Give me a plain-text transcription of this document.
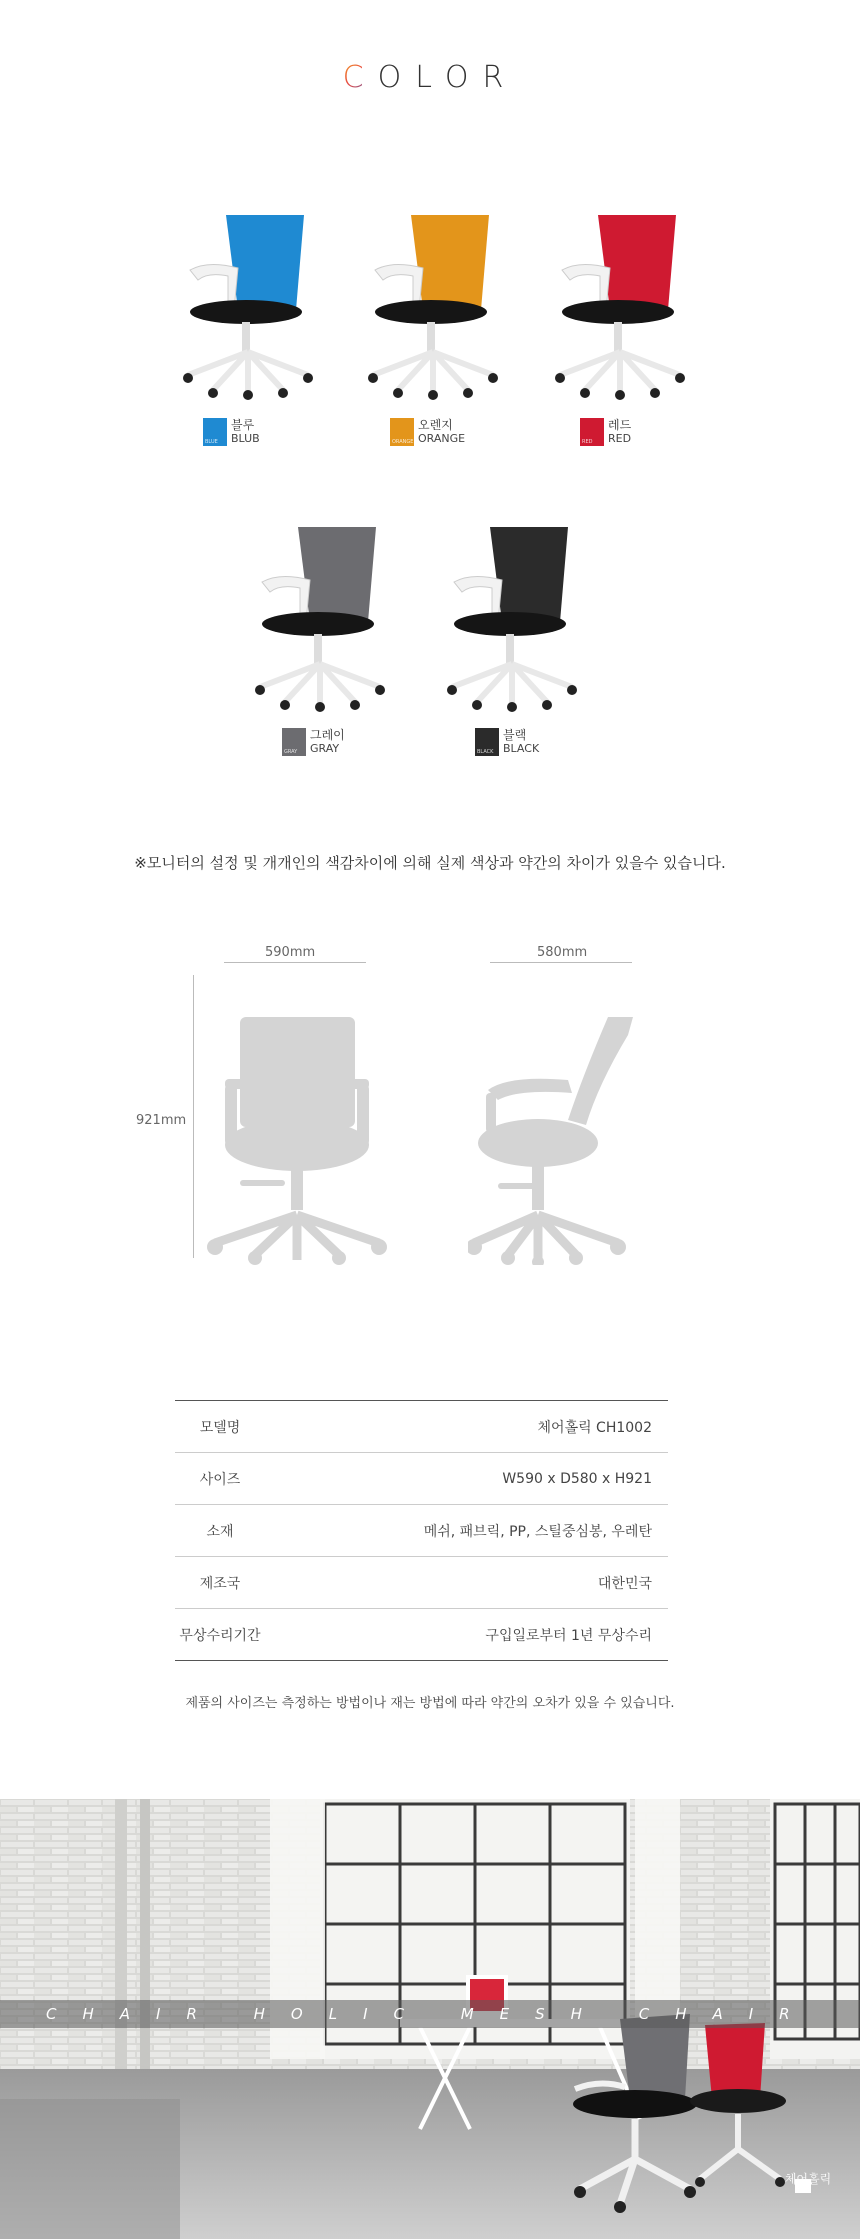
COLOR
BLUE
블루
BLUB	ORANGE
오렌지
ORANGE	RED
레드
RED
GRAY
그레이
GRAY	BLACK
블랙
BLACK
※모니터의 설정 및 개개인의 색감차이에 의해 실제 색상과 약간의 차이가 있을수 있습니다.
590mm	580mm
921mm
모델명	체어홀릭 CH1002
사이즈	W590 x D580 x H921
소재	메쉬, 패브릭, PP, 스틸중심봉, 우레탄
제조국	대한민국
무상수리기간	구입일로부터 1년 무상수리
제품의 사이즈는 측정하는 방법이나 재는 방법에 따라 약간의 오차가 있을 수 있습니다.
CHAIR HOLIC MESH CHAIR
체어홀릭
